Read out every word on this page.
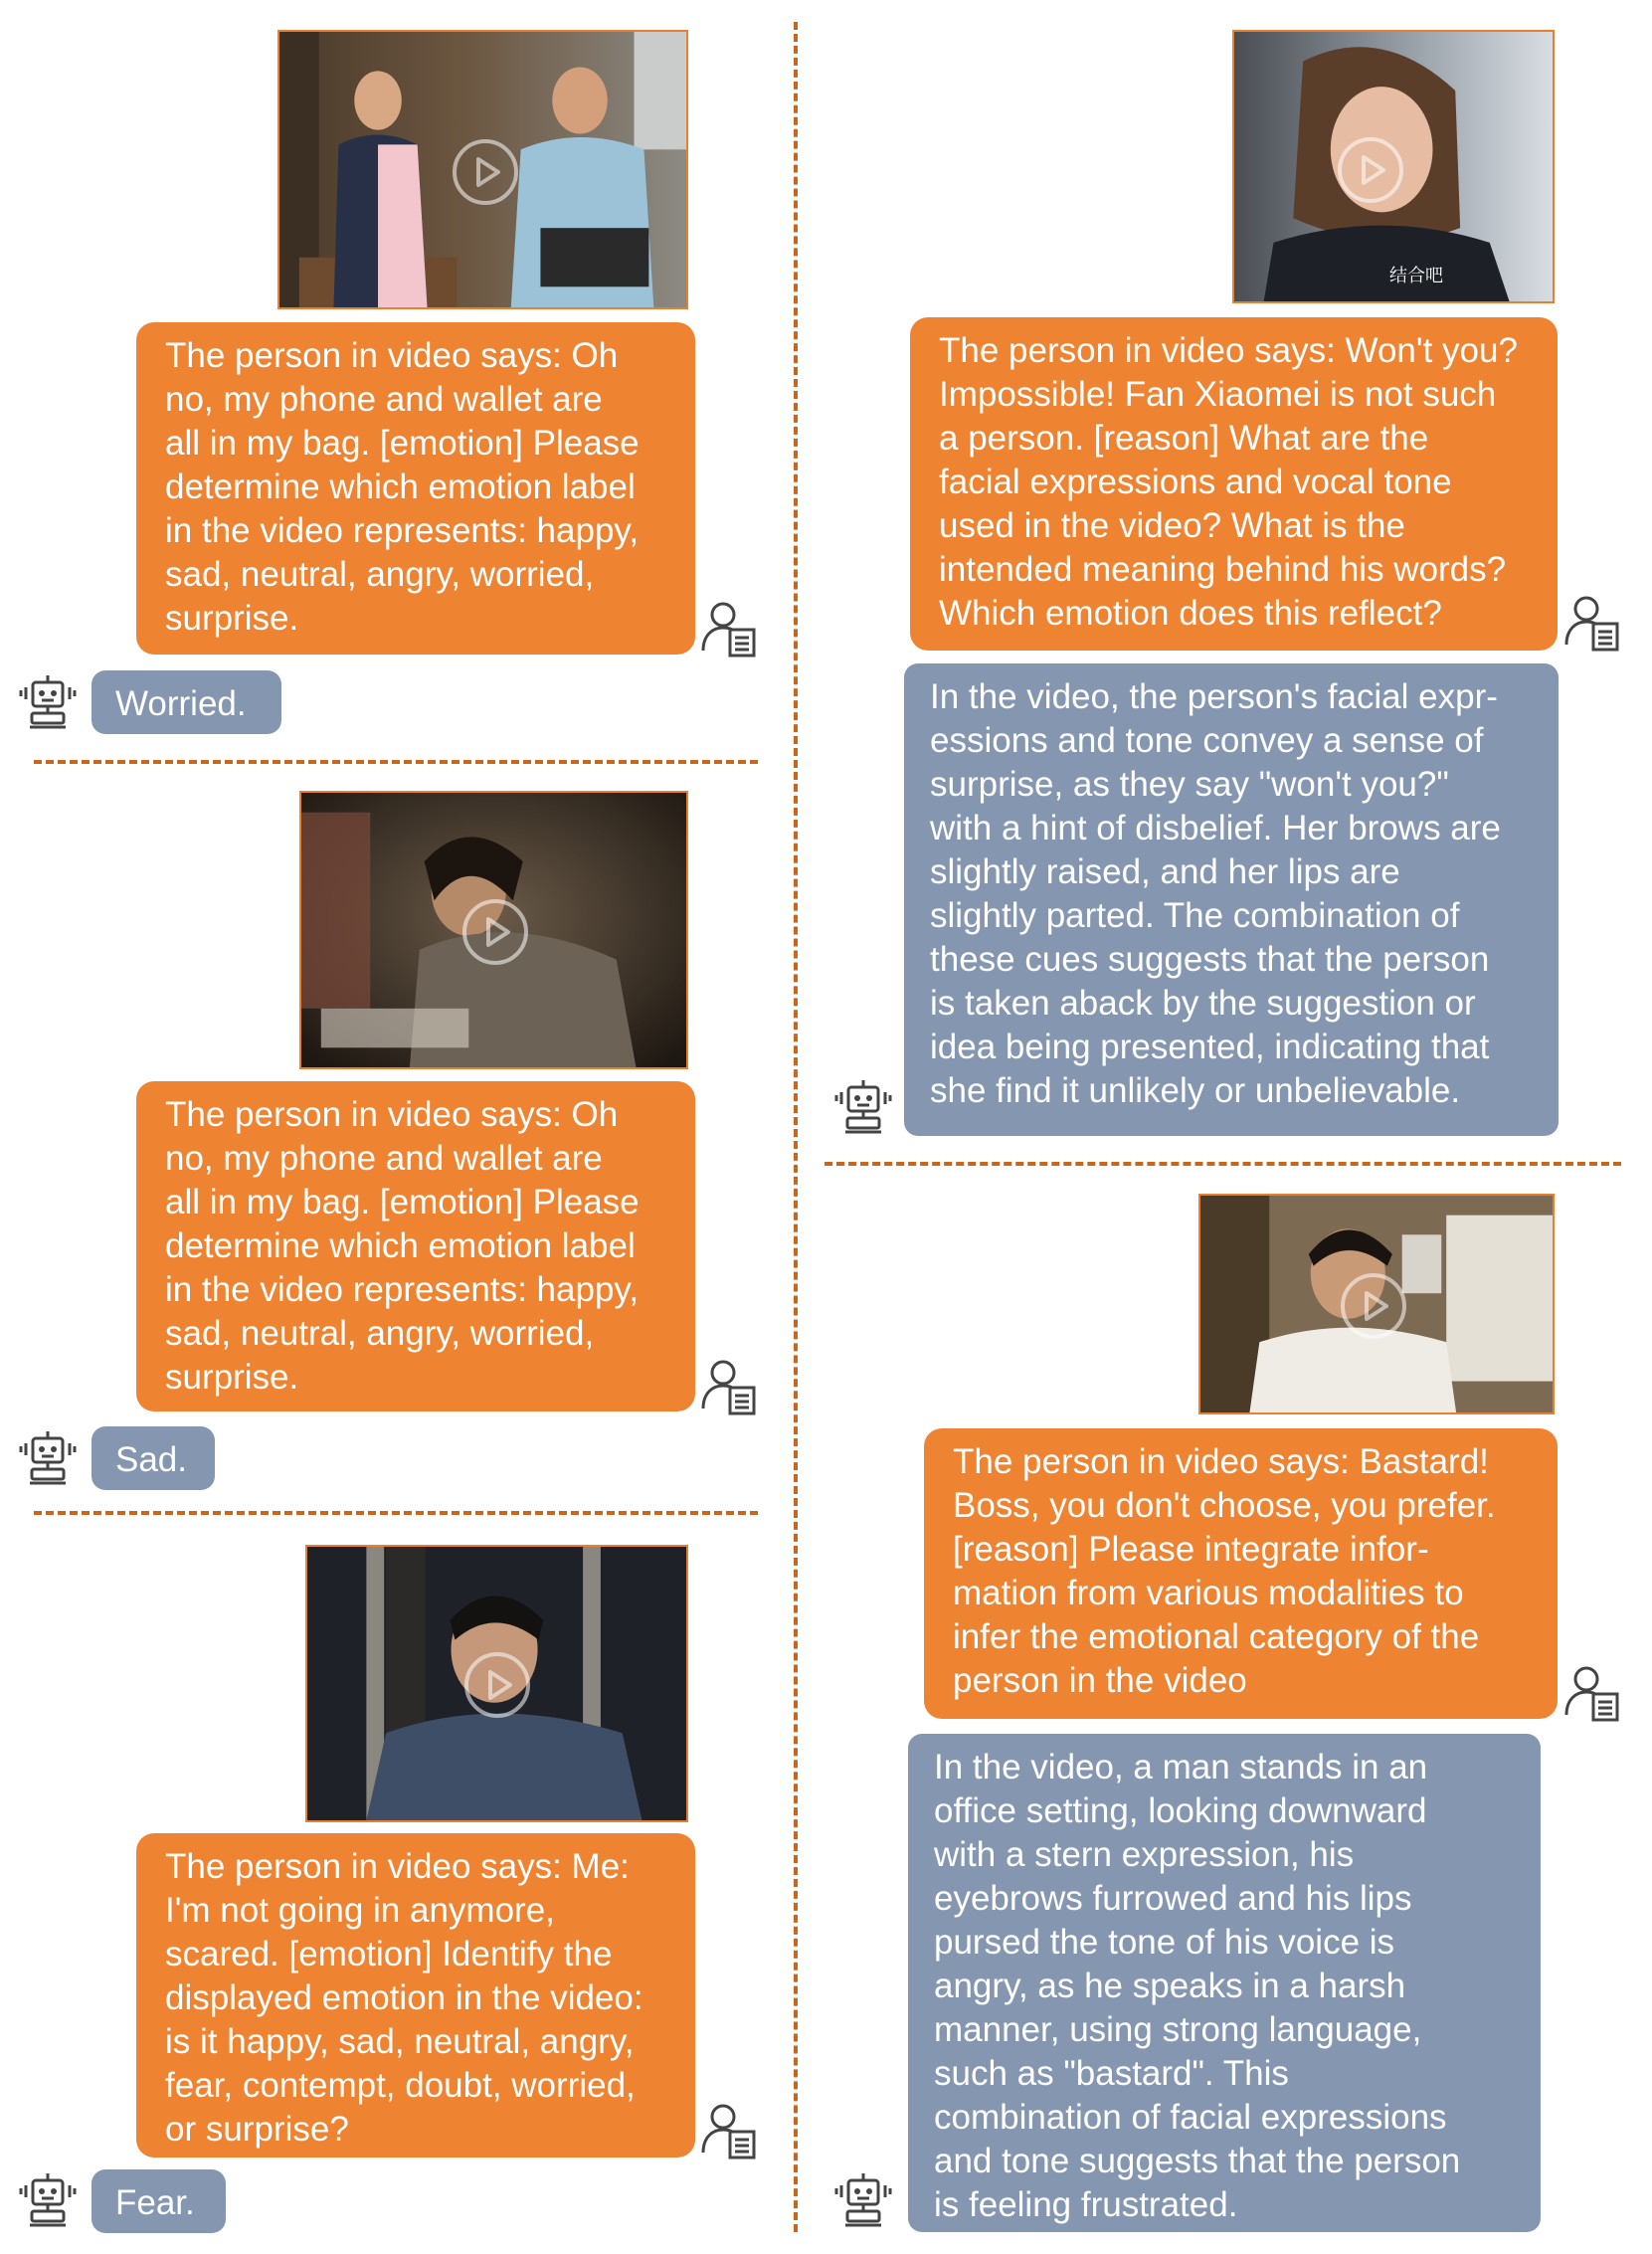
The person in video says: Oh
no, my phone and wallet are
all in my bag. [emotion] Please
determine which emotion label
in the video represents: happy,
sad, neutral, angry, worried,
surprise.
Worried.
The person in video says: Oh
no, my phone and wallet are
all in my bag. [emotion] Please
determine which emotion label
in the video represents: happy,
sad, neutral, angry, worried,
surprise.
Sad.
The person in video says: Me:
I'm not going in anymore,
scared. [emotion] Identify the
displayed emotion in the video:
is it happy, sad, neutral, angry,
fear, contempt, doubt, worried,
or surprise?
Fear.
结合吧
The person in video says: Won't you?
Impossible! Fan Xiaomei is not such
a person. [reason] What are the
facial expressions and vocal tone
used in the video? What is the
intended meaning behind his words?
Which emotion does this reflect?
In the video, the person's facial expr-
essions and tone convey a sense of
surprise, as they say "won't you?"
with a hint of disbelief. Her brows are
slightly raised, and her lips are
slightly parted. The combination of
these cues suggests that the person
is taken aback by the suggestion or
idea being presented, indicating that
she find it unlikely or unbelievable.
The person in video says: Bastard!
Boss, you don't choose, you prefer.
[reason] Please integrate infor-
mation from various modalities to
infer the emotional category of the
person in the video
In the video, a man stands in an
office setting, looking downward
with a stern expression, his
eyebrows furrowed and his lips
pursed the tone of his voice is
angry, as he speaks in a harsh
manner, using strong language,
such as "bastard". This
combination of facial expressions
and tone suggests that the person
is feeling frustrated.
